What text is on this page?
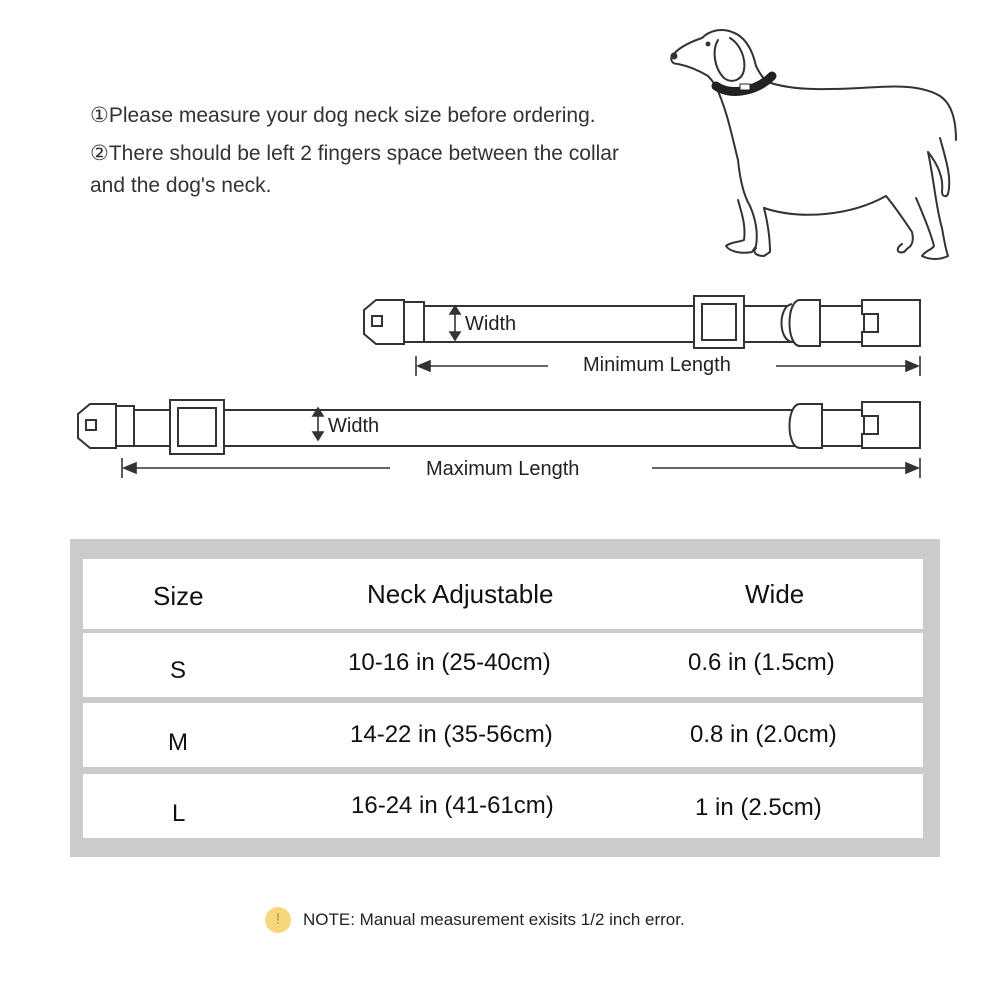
①Please measure your dog neck size before ordering.
②There should be left 2 fingers space between the collar and the dog's neck.
Width
Minimum Length
Width
Maximum Length
Size	Neck Adjustable	Wide
S	10-16 in (25-40cm)	0.6 in (1.5cm)
M	14-22 in (35-56cm)	0.8 in (2.0cm)
L	16-24 in (41-61cm)	1 in (2.5cm)
!	NOTE: Manual measurement exisits 1/2 inch error.
